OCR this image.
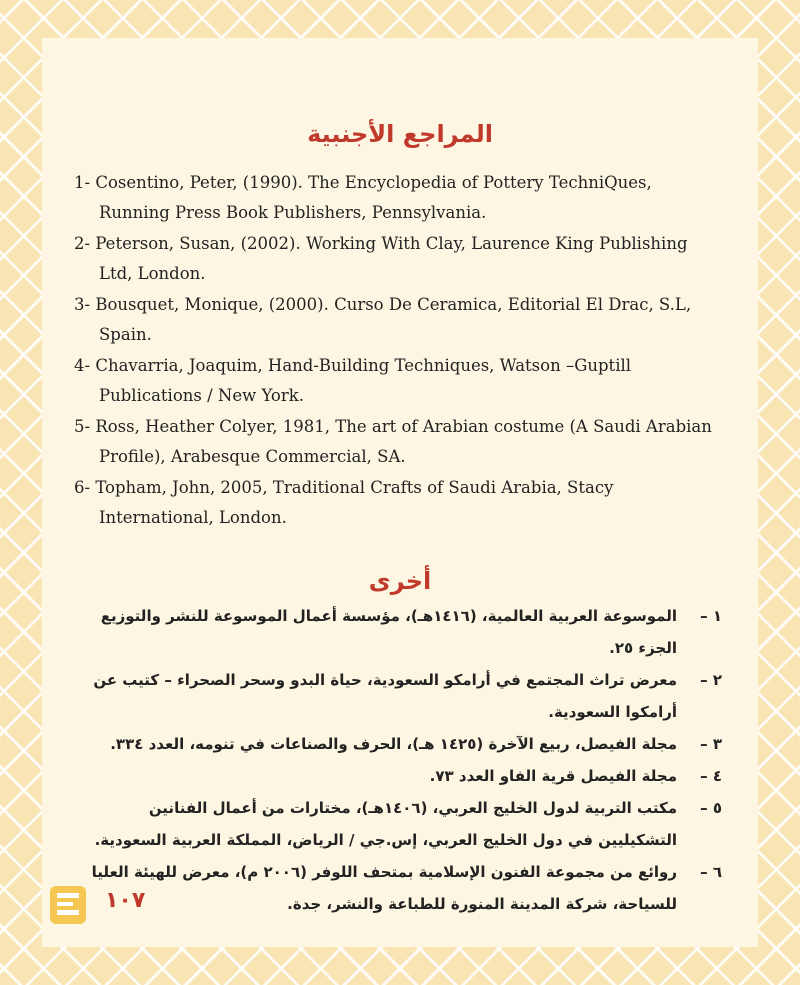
المراجع الأجنبية
1- Cosentino, Peter, (1990). The Encyclopedia of Pottery TechniQues, Running Press Book Publishers, Pennsylvania.
2- Peterson, Susan, (2002). Working With Clay, Laurence King Publishing Ltd, London.
3- Bousquet, Monique, (2000). Curso De Ceramica, Editorial El Drac, S.L, Spain.
4- Chavarria, Joaquim, Hand-Building Techniques, Watson –Guptill Publications / New York.
5- Ross, Heather Colyer, 1981, The art of Arabian costume (A Saudi Arabian Profile), Arabesque Commercial, SA.
6- Topham, John, 2005, Traditional Crafts of Saudi Arabia, Stacy International, London.
أخرى
١ –
الموسوعة العربية العالمية، (١٤١٦هـ)، مؤسسة أعمال الموسوعة للنشر والتوزيع الجزء ٢٥.
٢ –
معرض تراث المجتمع في أرامكو السعودية، حياة البدو وسحر الصحراء – كتيب عن أرامكوا السعودية.
٣ –
مجلة الفيصل، ربيع الآخرة (١٤٢٥ هـ)، الحرف والصناعات في تنومه، العدد ٣٣٤.
٤ –
مجلة الفيصل قرية الفاو العدد ٧٣.
٥ –
مكتب التربية لدول الخليج العربي، (١٤٠٦هـ)، مختارات من أعمال الفنانين التشكيليين في دول الخليج العربي، إس.جي / الرياض، المملكة العربية السعودية.
٦ –
روائع من مجموعة الفنون الإسلامية بمتحف اللوفر (٢٠٠٦ م)، معرض للهيئة العليا للسياحة، شركة المدينة المنورة للطباعة والنشر، جدة.
١٠٧
